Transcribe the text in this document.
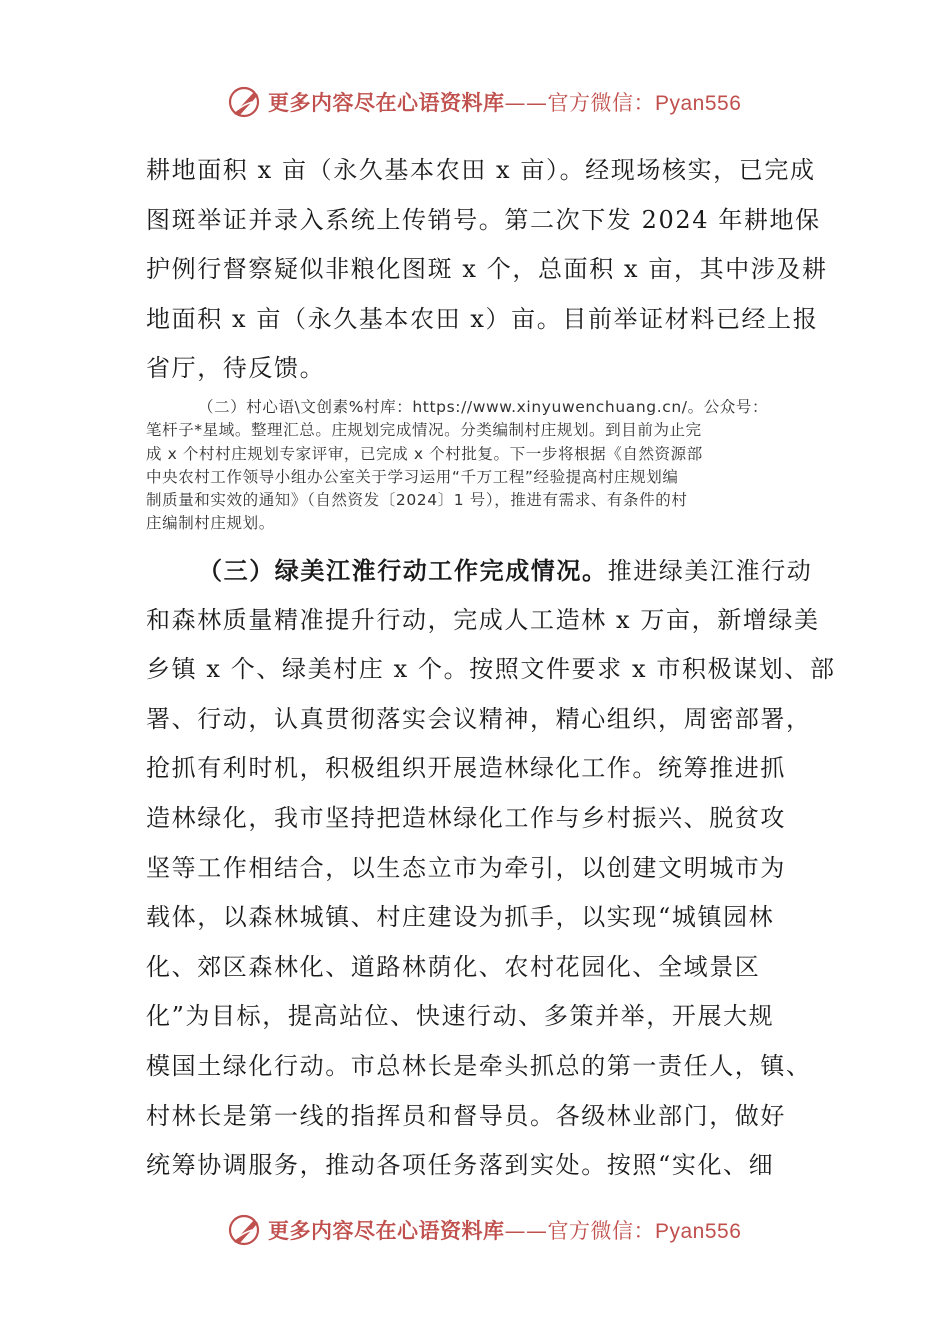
更多内容尽在心语资料库——官方微信：Pyan556
耕地面积 x 亩（永久基本农田 x 亩）。经现场核实，已完成
图斑举证并录入系统上传销号。第二次下发 2024 年耕地保
护例行督察疑似非粮化图斑 x 个，总面积 x 亩，其中涉及耕
地面积 x 亩（永久基本农田 x）亩。目前举证材料已经上报
省厅，待反馈。
（二）村心语\文创素%村库：https://www.xinyuwenchuang.cn/。公众号：
笔杆子*星域。整理汇总。庄规划完成情况。分类编制村庄规划。到目前为止完
成 x 个村村庄规划专家评审，已完成 x 个村批复。下一步将根据《自然资源部
中央农村工作领导小组办公室关于学习运用“千万工程”经验提高村庄规划编
制质量和实效的通知》（自然资发〔2024〕1 号），推进有需求、有条件的村
庄编制村庄规划。
（三）绿美江淮行动工作完成情况。推进绿美江淮行动
和森林质量精准提升行动，完成人工造林 x 万亩，新增绿美
乡镇 x 个、绿美村庄 x 个。按照文件要求 x 市积极谋划、部
署、行动，认真贯彻落实会议精神，精心组织，周密部署，
抢抓有利时机，积极组织开展造林绿化工作。统筹推进抓
造林绿化，我市坚持把造林绿化工作与乡村振兴、脱贫攻
坚等工作相结合，以生态立市为牵引，以创建文明城市为
载体，以森林城镇、村庄建设为抓手，以实现“城镇园林
化、郊区森林化、道路林荫化、农村花园化、全域景区
化”为目标，提高站位、快速行动、多策并举，开展大规
模国土绿化行动。市总林长是牵头抓总的第一责任人，镇、
村林长是第一线的指挥员和督导员。各级林业部门，做好
统筹协调服务，推动各项任务落到实处。按照“实化、细
更多内容尽在心语资料库——官方微信：Pyan556
